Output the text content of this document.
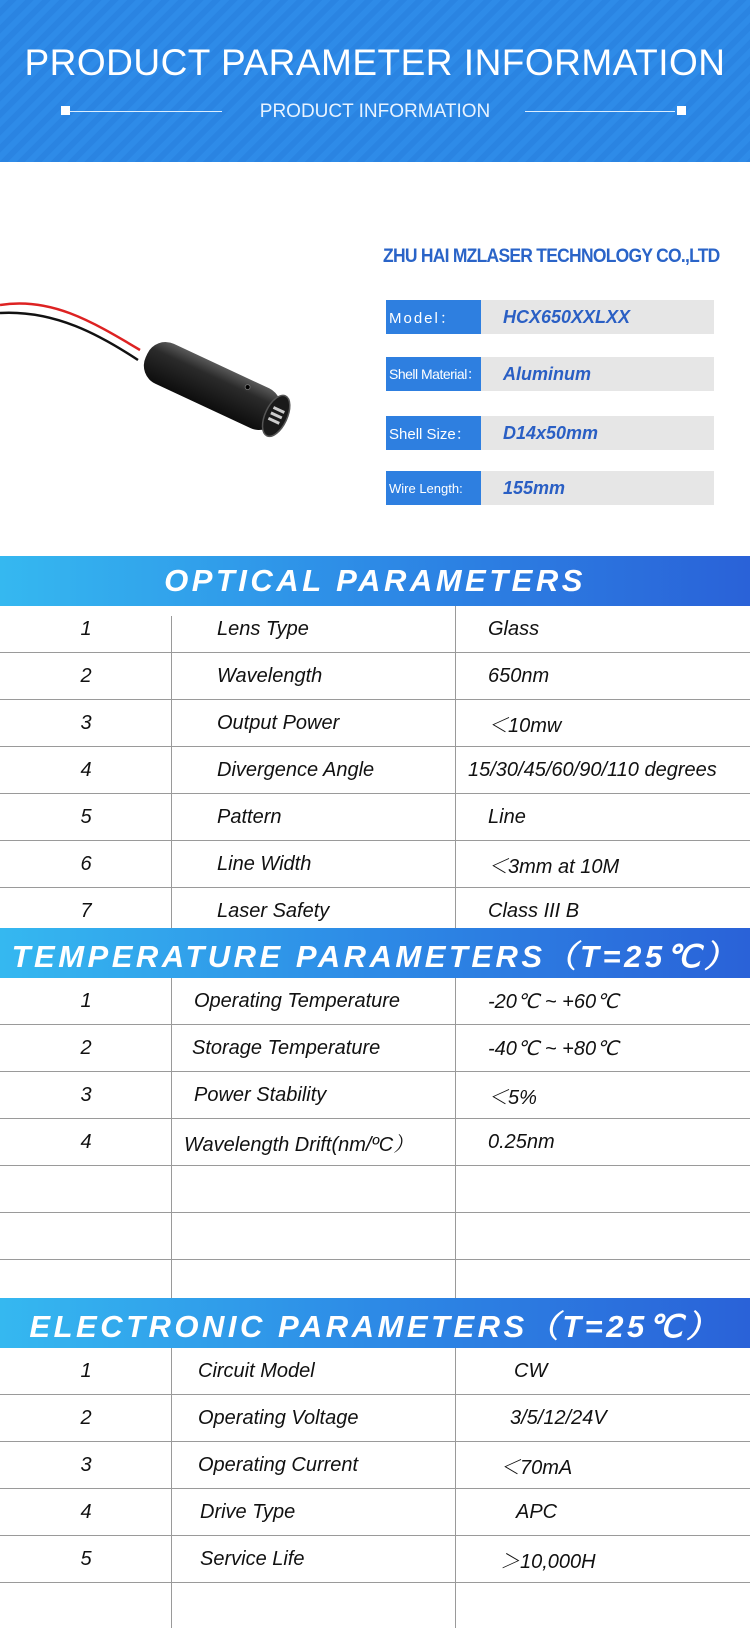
PRODUCT PARAMETER INFORMATION
PRODUCT INFORMATION
ZHU HAI MZLASER TECHNOLOGY CO.,LTD
Model：	HCX650XXLXX
Shell Material：	Aluminum
Shell Size：	D14x50mm
Wire Length:	155mm
OPTICAL PARAMETERS
1	Lens Type	Glass
2	Wavelength	650nm
3	Output Power	＜10mw
4	Divergence Angle	15/30/45/60/90/110 degrees
5	Pattern	Line
6	Line Width	＜3mm at 10M
7	Laser Safety	Class III B
TEMPERATURE PARAMETERS（T=25℃）
1	Operating Temperature	-20℃ ~ +60℃
2	Storage Temperature	-40℃ ~ +80℃
3	Power Stability	＜5%
4	Wavelength Drift(nm/ºC）	0.25nm
ELECTRONIC PARAMETERS（T=25℃）
1	Circuit Model	CW
2	Operating Voltage	3/5/12/24V
3	Operating Current	＜70mA
4	Drive Type	APC
5	Service Life	＞10,000H
